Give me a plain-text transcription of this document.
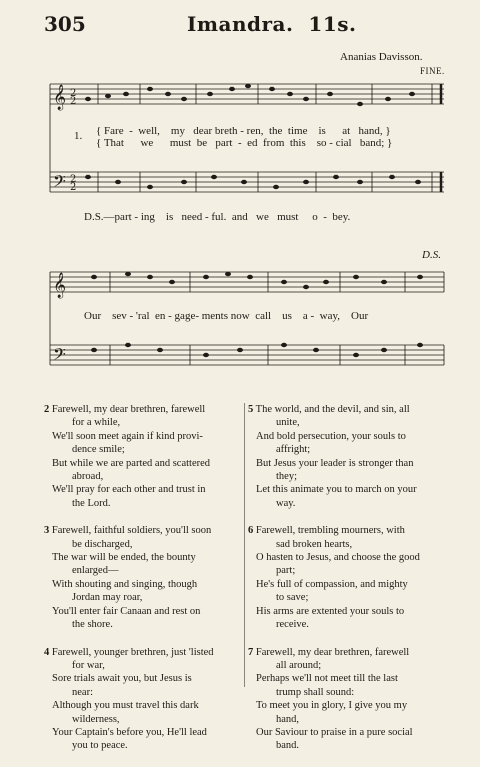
305	Imandra. 11s.
Ananias Davisson.
FINE.
D.S.
𝄞
𝄢
2
2
2
2
𝄞
𝄢
1. { Fare  -  well,    my   dear breth - ren,  the  time    is      at   hand, }
{ That      we      must  be   part  -  ed  from  this    so - cial   band; }
D.S.—part - ing    is   need - ful.  and   we   must     o  -  bey.
Our    sev - 'ral  en - gage- ments now  call    us    a -  way,    Our
2 Farewell, my dear brethren, farewell
for a while,
We'll soon meet again if kind provi-
dence smile;
But while we are parted and scattered
abroad,
We'll pray for each other and trust in
the Lord.
3 Farewell, faithful soldiers, you'll soon
be discharged,
The war will be ended, the bounty
enlarged—
With shouting and singing, though
Jordan may roar,
You'll enter fair Canaan and rest on
the shore.
4 Farewell, younger brethren, just 'listed
for war,
Sore trials await you, but Jesus is
near:
Although you must travel this dark
wilderness,
Your Captain's before you, He'll lead
you to peace.
5 The world, and the devil, and sin, all
unite,
And bold persecution, your souls to
affright;
But Jesus your leader is stronger than
they;
Let this animate you to march on your
way.
6 Farewell, trembling mourners, with
sad broken hearts,
O hasten to Jesus, and choose the good
part;
He's full of compassion, and mighty
to save;
His arms are extented your souls to
receive.
7 Farewell, my dear brethren, farewell
all around;
Perhaps we'll not meet till the last
trump shall sound:
To meet you in glory, I give you my
hand,
Our Saviour to praise in a pure social
band.
